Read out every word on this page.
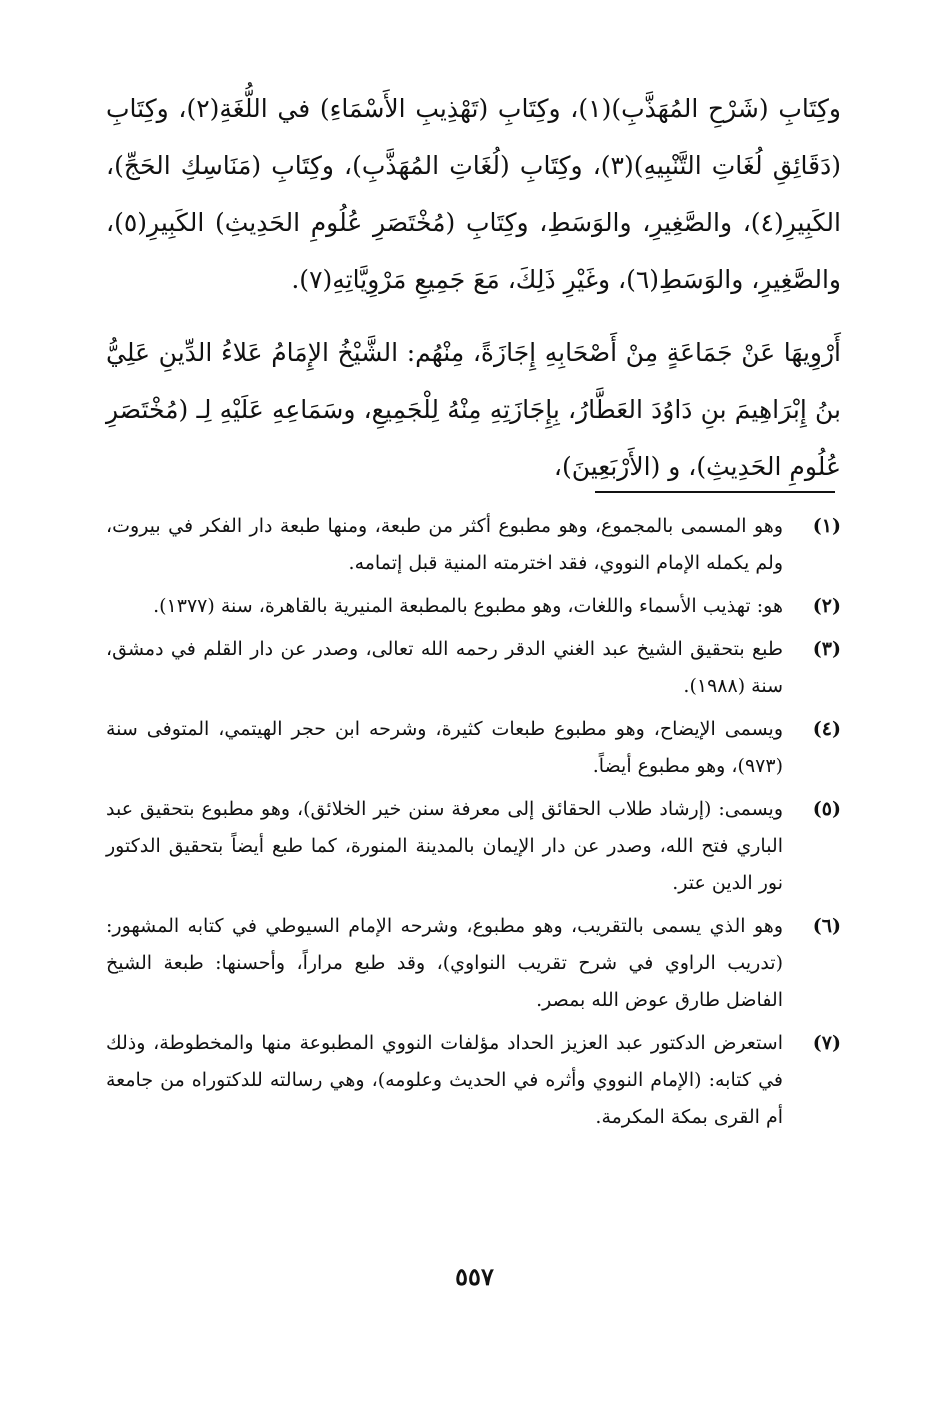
وكِتَابِ (شَرْحِ المُهَذَّبِ)(١)، وكِتَابِ (تَهْذِيبِ الأَسْمَاءِ) في اللُّغَةِ(٢)، وكِتَابِ (دَقَائِقِ لُغَاتِ التَّنْبِيهِ)(٣)، وكِتَابِ (لُغَاتِ المُهَذَّبِ)، وكِتَابِ (مَنَاسِكِ الحَجِّ)، الكَبِيرِ(٤)، والصَّغِيرِ، والوَسَطِ، وكِتَابِ (مُخْتَصَرِ عُلُومِ الحَدِيثِ) الكَبِيرِ(٥)، والصَّغِيرِ، والوَسَطِ(٦)، وغَيْرِ ذَلِكَ، مَعَ جَمِيعِ مَرْوِيَّاتِهِ(٧).

أَرْوِيهَا عَنْ جَمَاعَةٍ مِنْ أَصْحَابِهِ إِجَازَةً، مِنْهُم: الشَّيْخُ الإِمَامُ عَلاءُ الدِّينِ عَلِيُّ بنُ إِبْرَاهِيمَ بنِ دَاوُدَ العَطَّارُ، بِإِجَازَتِهِ مِنْهُ لِلْجَمِيعِ، وسَمَاعِهِ عَلَيْهِ لِـ (مُخْتَصَرِ عُلُومِ الحَدِيثِ)، و (الأَرْبَعِينَ)،

(١)
وهو المسمى بالمجموع، وهو مطبوع أكثر من طبعة، ومنها طبعة دار الفكر في بيروت، ولم يكمله الإمام النووي، فقد اخترمته المنية قبل إتمامه.
(٢)
هو: تهذيب الأسماء واللغات، وهو مطبوع بالمطبعة المنيرية بالقاهرة، سنة (١٣٧٧).
(٣)
طبع بتحقيق الشيخ عبد الغني الدقر رحمه الله تعالى، وصدر عن دار القلم في دمشق، سنة (١٩٨٨).
(٤)
ويسمى الإيضاح، وهو مطبوع طبعات كثيرة، وشرحه ابن حجر الهيتمي، المتوفى سنة (٩٧٣)، وهو مطبوع أيضاً.
(٥)
ويسمى: (إرشاد طلاب الحقائق إلى معرفة سنن خير الخلائق)، وهو مطبوع بتحقيق عبد الباري فتح الله، وصدر عن دار الإيمان بالمدينة المنورة، كما طبع أيضاً بتحقيق الدكتور نور الدين عتر.
(٦)
وهو الذي يسمى بالتقريب، وهو مطبوع، وشرحه الإمام السيوطي في كتابه المشهور: (تدريب الراوي في شرح تقريب النواوي)، وقد طبع مراراً، وأحسنها: طبعة الشيخ الفاضل طارق عوض الله بمصر.
(٧)
استعرض الدكتور عبد العزيز الحداد مؤلفات النووي المطبوعة منها والمخطوطة، وذلك في كتابه: (الإمام النووي وأثره في الحديث وعلومه)، وهي رسالته للدكتوراه من جامعة أم القرى بمكة المكرمة.
٥٥٧
